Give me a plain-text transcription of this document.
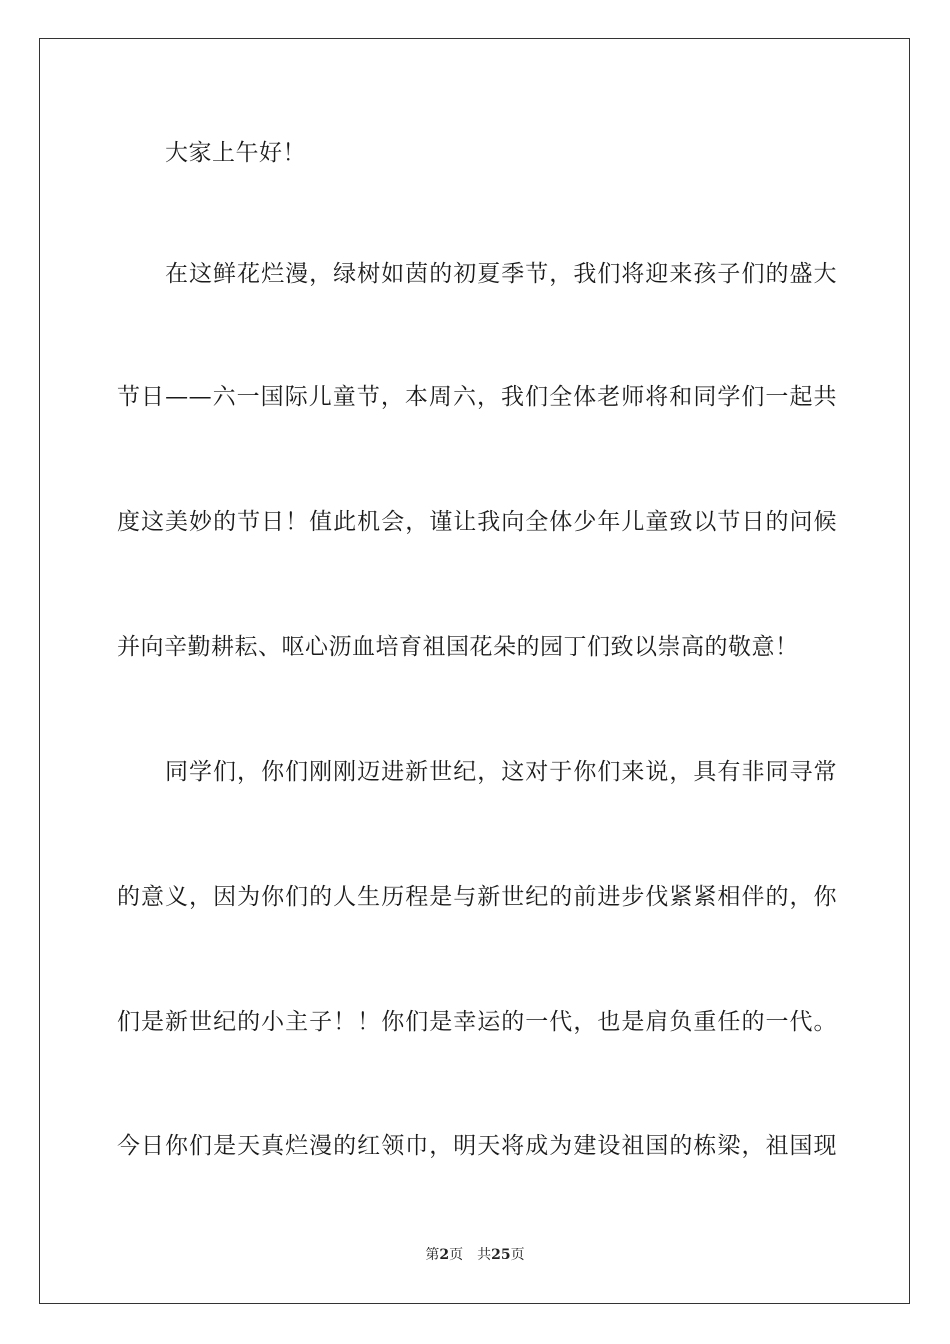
大家上午好！
在这鲜花烂漫，绿树如茵的初夏季节，我们将迎来孩子们的盛大
节日——六一国际儿童节，本周六，我们全体老师将和同学们一起共
度这美妙的节日！值此机会，谨让我向全体少年儿童致以节日的问候
并向辛勤耕耘、呕心沥血培育祖国花朵的园丁们致以崇高的敬意！
同学们，你们刚刚迈进新世纪，这对于你们来说，具有非同寻常
的意义，因为你们的人生历程是与新世纪的前进步伐紧紧相伴的，你
们是新世纪的小主子！！你们是幸运的一代，也是肩负重任的一代。
今日你们是天真烂漫的红领巾，明天将成为建设祖国的栋梁，祖国现
第2页 共25页
